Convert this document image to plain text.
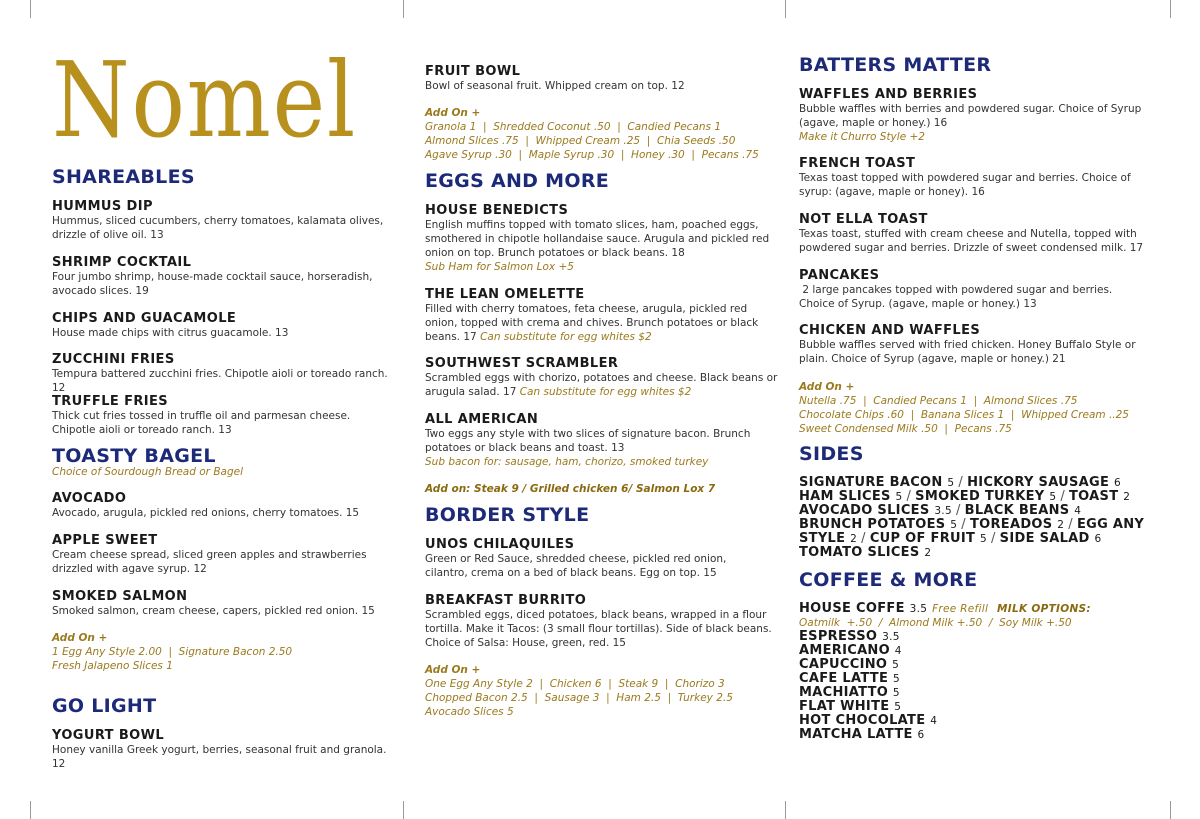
Nomel
SHAREABLES
HUMMUS DIP
Hummus, sliced cucumbers, cherry tomatoes, kalamata olives, drizzle of olive oil. 13
SHRIMP COCKTAIL
Four jumbo shrimp, house-made cocktail sauce, horseradish, avocado slices. 19
CHIPS AND GUACAMOLE
House made chips with citrus guacamole. 13
ZUCCHINI FRIES
Tempura battered zucchini fries. Chipotle aioli or toreado ranch. 12
TRUFFLE FRIES
Thick cut fries tossed in truffle oil and parmesan cheese. Chipotle aioli or toreado ranch. 13
TOASTY BAGEL
Choice of Sourdough Bread or Bagel
AVOCADO
Avocado, arugula, pickled red onions, cherry tomatoes. 15
APPLE SWEET
Cream cheese spread, sliced green apples and strawberries drizzled with agave syrup. 12
SMOKED SALMON
Smoked salmon, cream cheese, capers, pickled red onion. 15
Add On +
1 Egg Any Style 2.00  |  Signature Bacon 2.50
Fresh Jalapeno Slices 1
GO LIGHT
YOGURT BOWL
Honey vanilla Greek yogurt, berries, seasonal fruit and granola. 12
FRUIT BOWL
Bowl of seasonal fruit. Whipped cream on top. 12
Add On +
Granola 1  |  Shredded Coconut .50  |  Candied Pecans 1
Almond Slices .75  |  Whipped Cream .25  |  Chia Seeds .50
Agave Syrup .30  |  Maple Syrup .30  |  Honey .30  |  Pecans .75
EGGS AND MORE
HOUSE BENEDICTS
English muffins topped with tomato slices, ham, poached eggs, smothered in chipotle hollandaise sauce. Arugula and pickled red onion on top. Brunch potatoes or black beans. 18
Sub Ham for Salmon Lox +5
THE LEAN OMELETTE
Filled with cherry tomatoes, feta cheese, arugula, pickled red onion, topped with crema and chives. Brunch potatoes or black beans. 17 Can substitute for egg whites $2
SOUTHWEST SCRAMBLER
Scrambled eggs with chorizo, potatoes and cheese. Black beans or arugula salad. 17 Can substitute for egg whites $2
ALL AMERICAN
Two eggs any style with two slices of signature bacon. Brunch potatoes or black beans and toast. 13
Sub bacon for: sausage, ham, chorizo, smoked turkey
Add on: Steak 9 / Grilled chicken 6/ Salmon Lox 7
BORDER STYLE
UNOS CHILAQUILES
Green or Red Sauce, shredded cheese, pickled red onion, cilantro, crema on a bed of black beans. Egg on top. 15
BREAKFAST BURRITO
Scrambled eggs, diced potatoes, black beans, wrapped in a flour tortilla. Make it Tacos: (3 small flour tortillas). Side of black beans. Choice of Salsa: House, green, red. 15
Add On +
One Egg Any Style 2  |  Chicken 6  |  Steak 9  |  Chorizo 3
Chopped Bacon 2.5  |  Sausage 3  |  Ham 2.5  |  Turkey 2.5
Avocado Slices 5
BATTERS MATTER
WAFFLES AND BERRIES
Bubble waffles with berries and powdered sugar. Choice of Syrup (agave, maple or honey.) 16
Make it Churro Style +2
FRENCH TOAST
Texas toast topped with powdered sugar and berries. Choice of syrup: (agave, maple or honey). 16
NOT ELLA TOAST
Texas toast, stuffed with cream cheese and Nutella, topped with powdered sugar and berries. Drizzle of sweet condensed milk. 17
PANCAKES
2 large pancakes topped with powdered sugar and berries. Choice of Syrup. (agave, maple or honey.) 13
CHICKEN AND WAFFLES
Bubble waffles served with fried chicken. Honey Buffalo Style or plain. Choice of Syrup (agave, maple or honey.) 21
Add On +
Nutella .75  |  Candied Pecans 1  |  Almond Slices .75
Chocolate Chips .60  |  Banana Slices 1  |  Whipped Cream ..25
Sweet Condensed Milk .50  |  Pecans .75
SIDES
SIGNATURE BACON 5 / HICKORY SAUSAGE 6
HAM SLICES 5 / SMOKED TURKEY 5 / TOAST 2
AVOCADO SLICES 3.5 / BLACK BEANS 4
BRUNCH POTATOES 5 / TOREADOS 2 / EGG ANY STYLE 2 / CUP OF FRUIT 5 / SIDE SALAD 6
TOMATO SLICES 2
COFFEE & MORE
HOUSE COFFE 3.5 Free Refill MILK OPTIONS:
Oatmilk  +.50  /  Almond Milk +.50  /  Soy Milk +.50
ESPRESSO 3.5
AMERICANO 4
CAPUCCINO 5
CAFE LATTE 5
MACHIATTO 5
FLAT WHITE 5
HOT CHOCOLATE 4
MATCHA LATTE 6
